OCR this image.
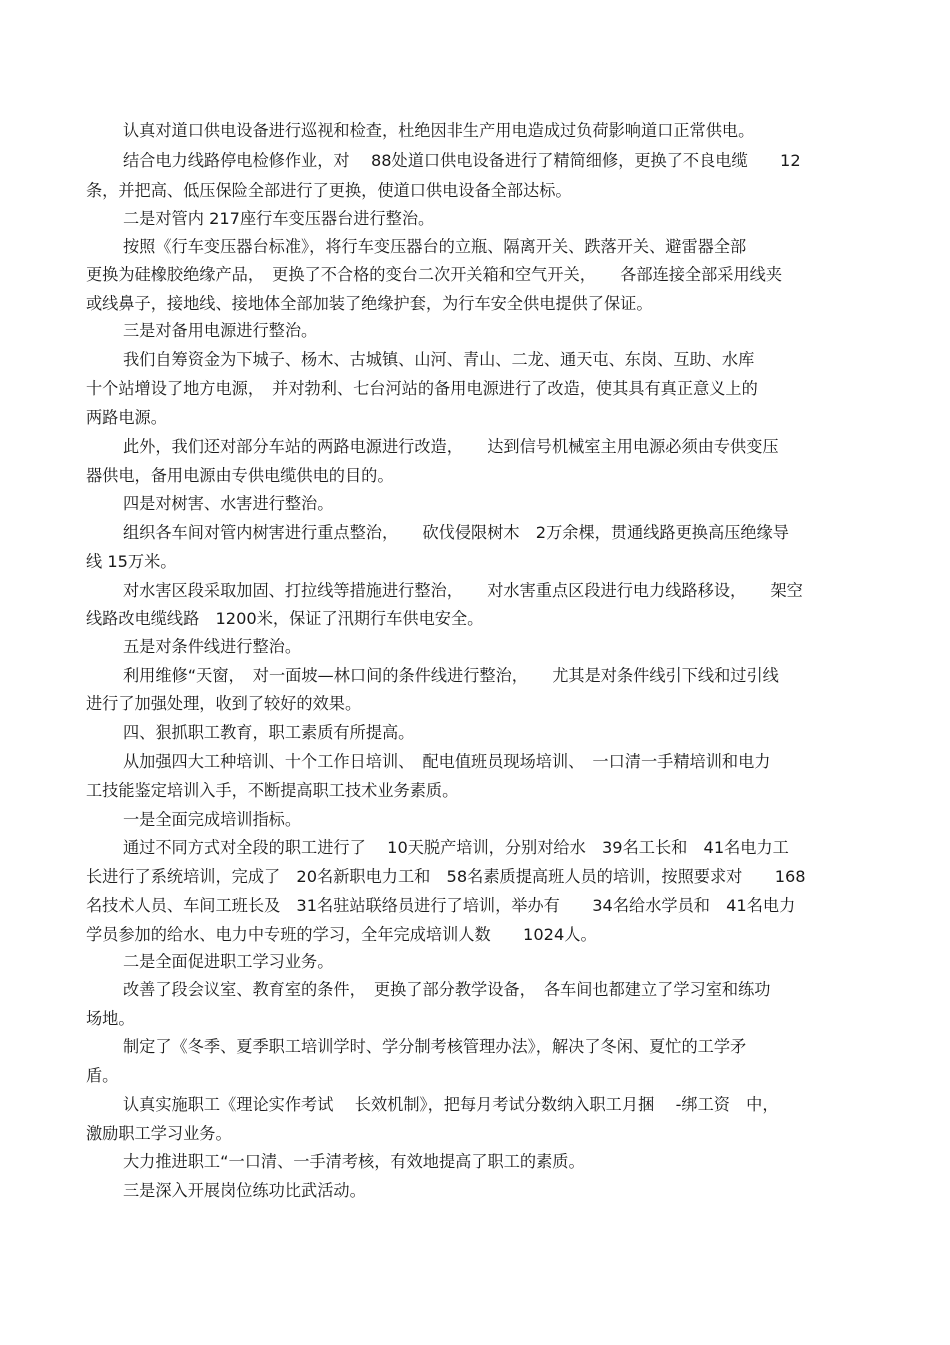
认真对道口供电设备进行巡视和检查，杜绝因非生产用电造成过负荷影响道口正常供电。
结合电力线路停电检修作业，对　 88处道口供电设备进行了精简细修，更换了不良电缆　　12
条，并把高、低压保险全部进行了更换，使道口供电设备全部达标。
二是对管内 217座行车变压器台进行整治。
按照《行车变压器台标准》，将行车变压器台的立瓶、隔离开关、跌落开关、避雷器全部
更换为硅橡胶绝缘产品，　更换了不合格的变台二次开关箱和空气开关，　　各部连接全部采用线夹
或线鼻子，接地线、接地体全部加装了绝缘护套，为行车安全供电提供了保证。
三是对备用电源进行整治。
我们自筹资金为下城子、杨木、古城镇、山河、青山、二龙、通天屯、东岗、互助、水库
十个站增设了地方电源，　并对勃利、七台河站的备用电源进行了改造，使其具有真正意义上的
两路电源。
此外，我们还对部分车站的两路电源进行改造，　　达到信号机械室主用电源必须由专供变压
器供电，备用电源由专供电缆供电的目的。
四是对树害、水害进行整治。
组织各车间对管内树害进行重点整治，　　砍伐侵限树木　2万余棵，贯通线路更换高压绝缘导
线 15万米。
对水害区段采取加固、打拉线等措施进行整治，　　对水害重点区段进行电力线路移设，　　架空
线路改电缆线路　1200米，保证了汛期行车供电安全。
五是对条件线进行整治。
利用维修“天窗，　对一面坡—林口间的条件线进行整治，　　尤其是对条件线引下线和过引线
进行了加强处理，收到了较好的效果。
四、狠抓职工教育，职工素质有所提高。
从加强四大工种培训、十个工作日培训、　配电值班员现场培训、　一口清一手精培训和电力
工技能鉴定培训入手，不断提高职工技术业务素质。
一是全面完成培训指标。
通过不同方式对全段的职工进行了　 10天脱产培训，分别对给水　39名工长和　41名电力工
长进行了系统培训，完成了　20名新职电力工和　58名素质提高班人员的培训，按照要求对　　168
名技术人员、车间工班长及　31名驻站联络员进行了培训，举办有　　34名给水学员和　41名电力
学员参加的给水、电力中专班的学习，全年完成培训人数　　1024人。
二是全面促进职工学习业务。
改善了段会议室、教育室的条件，　更换了部分教学设备，　各车间也都建立了学习室和练功
场地。
制定了《冬季、夏季职工培训学时、学分制考核管理办法》，解决了冬闲、夏忙的工学矛
盾。
认真实施职工《理论实作考试　 长效机制》，把每月考试分数纳入职工月捆　 -绑工资　中，
激励职工学习业务。
大力推进职工“一口清、一手清考核，有效地提高了职工的素质。
三是深入开展岗位练功比武活动。
